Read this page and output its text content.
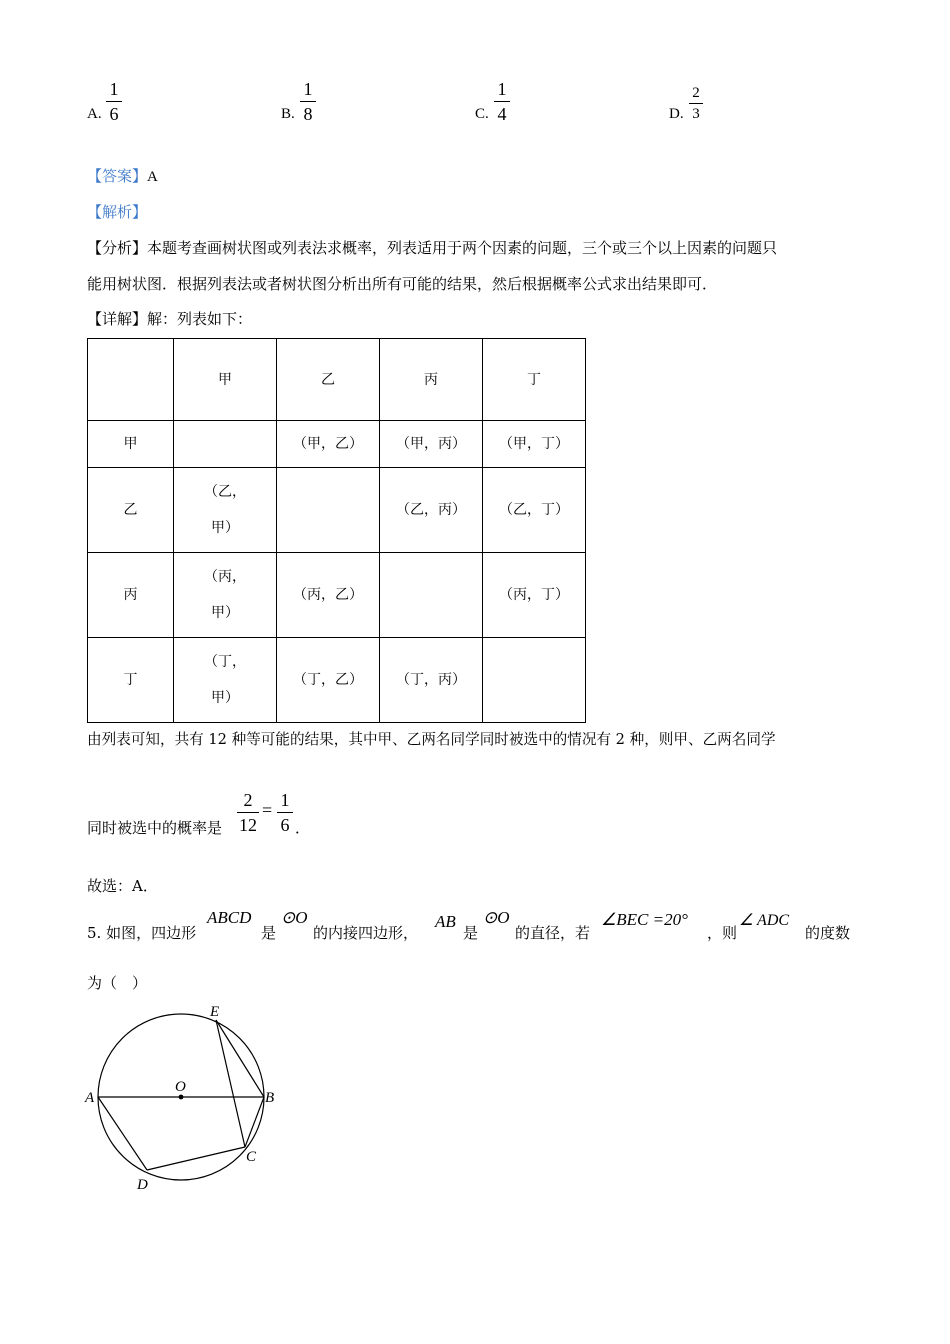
A.
1
6	B.
1
8	C.
1
4	D.
2
3
【答案】A
【解析】
【分析】本题考查画树状图或列表法求概率，列表适用于两个因素的问题，三个或三个以上因素的问题只
能用树状图．根据列表法或者树状图分析出所有可能的结果，然后根据概率公式求出结果即可．
【详解】解：列表如下：
	甲	乙	丙	丁
甲		（甲，乙）	（甲，丙）	（甲，丁）
乙	（乙，
甲）		（乙，丙）	（乙，丁）
丙	（丙，
甲）	（丙，乙）		（丙，丁）
丁	（丁，
甲）	（丁，乙）	（丁，丙）	
由列表可知，共有 12 种等可能的结果，其中甲、乙两名同学同时被选中的情况有 2 种，则甲、乙两名同学
同时被选中的概率是
2
12
= 1
6 ．
故选：A．
5. 如图，四边形
ABCD
是
⊙O
的内接四边形，
AB
是
⊙O
的直径，若
∠BEC =20°
，则
∠ ADC
的度数
为（　）
E
O
A	B
C
D
